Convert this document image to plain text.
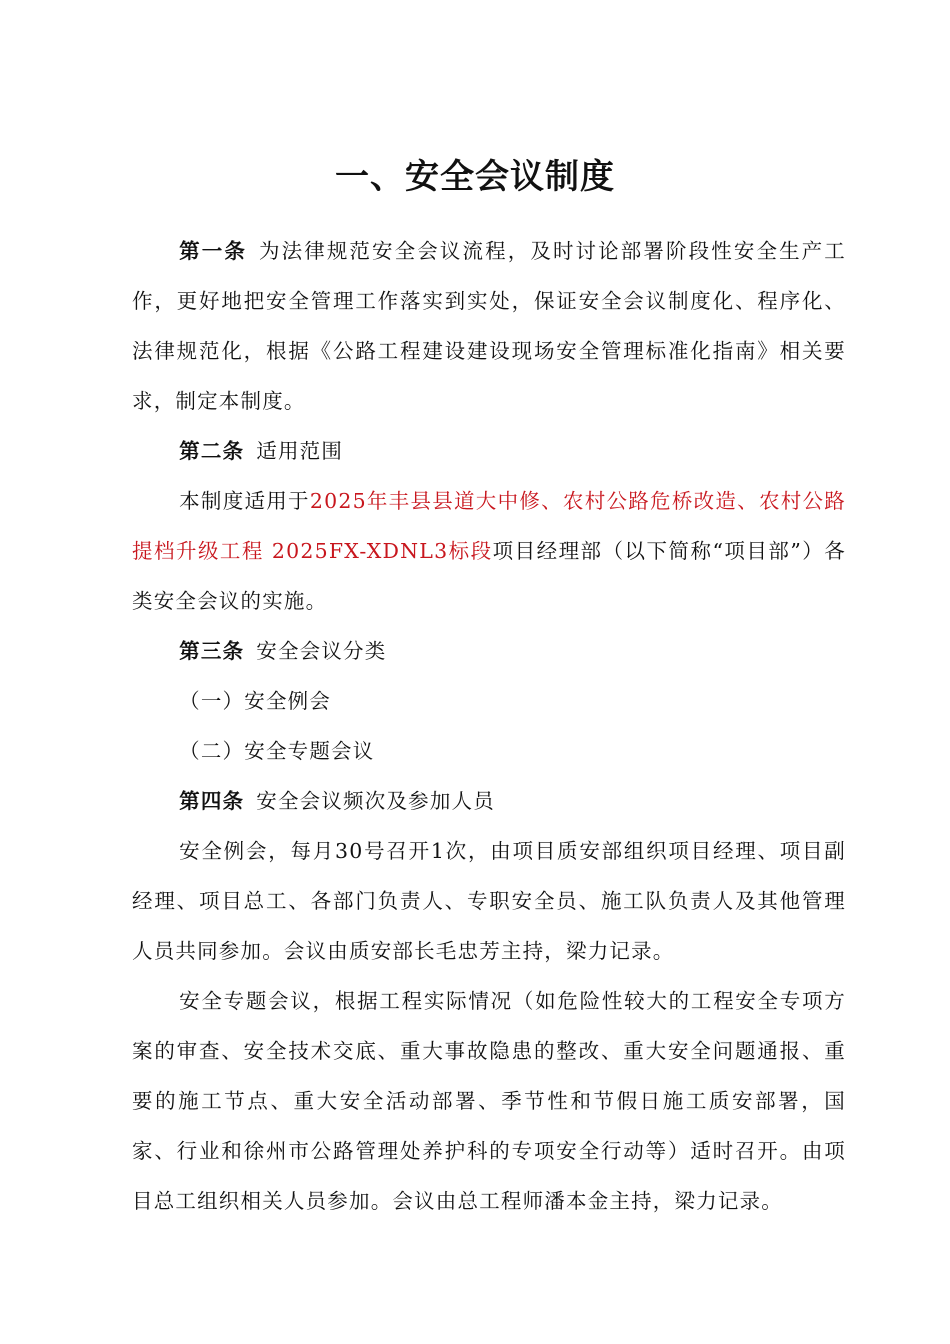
一、安全会议制度

第一条 为法律规范安全会议流程，及时讨论部署阶段性安全生产工作，更好地把安全管理工作落实到实处，保证安全会议制度化、程序化、法律规范化，根据《公路工程建设建设现场安全管理标准化指南》相关要求，制定本制度。

第二条 适用范围

本制度适用于2025年丰县县道大中修、农村公路危桥改造、农村公路提档升级工程 2025FX-XDNL3标段项目经理部（以下简称“项目部”）各类安全会议的实施。

第三条 安全会议分类

（一）安全例会

（二）安全专题会议

第四条 安全会议频次及参加人员

安全例会，每月30号召开1次，由项目质安部组织项目经理、项目副经理、项目总工、各部门负责人、专职安全员、施工队负责人及其他管理人员共同参加。会议由质安部长毛忠芳主持，梁力记录。

安全专题会议，根据工程实际情况（如危险性较大的工程安全专项方案的审查、安全技术交底、重大事故隐患的整改、重大安全问题通报、重要的施工节点、重大安全活动部署、季节性和节假日施工质安部署，国家、行业和徐州市公路管理处养护科的专项安全行动等）适时召开。由项目总工组织相关人员参加。会议由总工程师潘本金主持，梁力记录。
